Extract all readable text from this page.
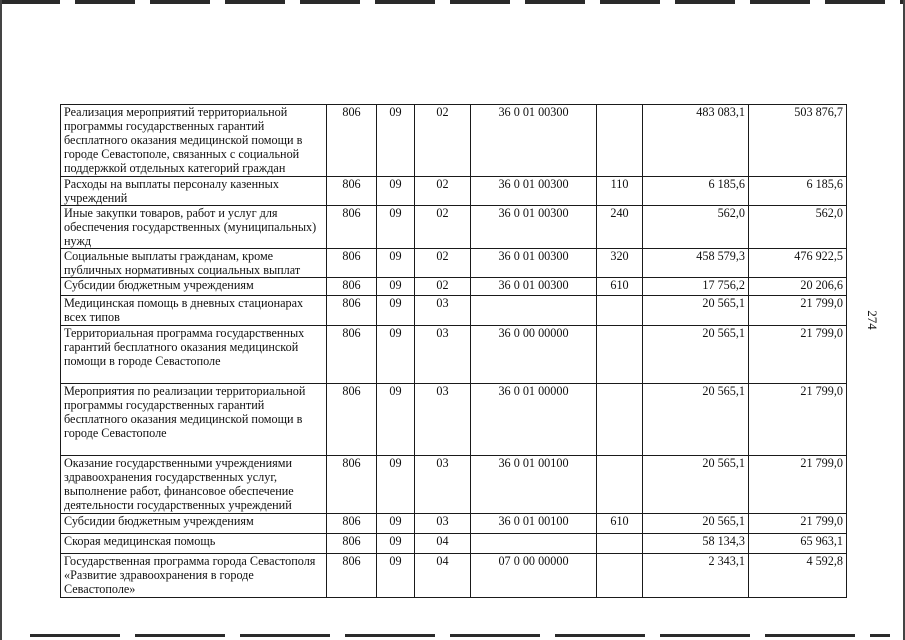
Реализация мероприятий территориальной программы государственных гарантий бесплатного оказания медицинской помощи в городе Севастополе, связанных с социальной поддержкой отдельных категорий граждан	806	09	02	36 0 01 00300		483 083,1	503 876,7
Расходы на выплаты персоналу казенных учреждений	806	09	02	36 0 01 00300	110	6 185,6	6 185,6
Иные закупки товаров, работ и услуг для обеспечения государственных (муниципальных) нужд	806	09	02	36 0 01 00300	240	562,0	562,0
Социальные выплаты гражданам, кроме публичных нормативных социальных выплат	806	09	02	36 0 01 00300	320	458 579,3	476 922,5
Субсидии бюджетным учреждениям	806	09	02	36 0 01 00300	610	17 756,2	20 206,6
Медицинская помощь в дневных стационарах всех типов	806	09	03			20 565,1	21 799,0
Территориальная программа государственных гарантий бесплатного оказания медицинской помощи в городе Севастополе	806	09	03	36 0 00 00000		20 565,1	21 799,0
Мероприятия по реализации территориальной программы государственных гарантий бесплатного оказания медицинской помощи в городе Севастополе	806	09	03	36 0 01 00000		20 565,1	21 799,0
Оказание государственными учреждениями здравоохранения государственных услуг, выполнение работ, финансовое обеспечение деятельности государственных учреждений	806	09	03	36 0 01 00100		20 565,1	21 799,0
Субсидии бюджетным учреждениям	806	09	03	36 0 01 00100	610	20 565,1	21 799,0
Скорая медицинская помощь	806	09	04			58 134,3	65 963,1
Государственная программа города Севастополя «Развитие здравоохранения в городе Севастополе»	806	09	04	07 0 00 00000		2 343,1	4 592,8
274
